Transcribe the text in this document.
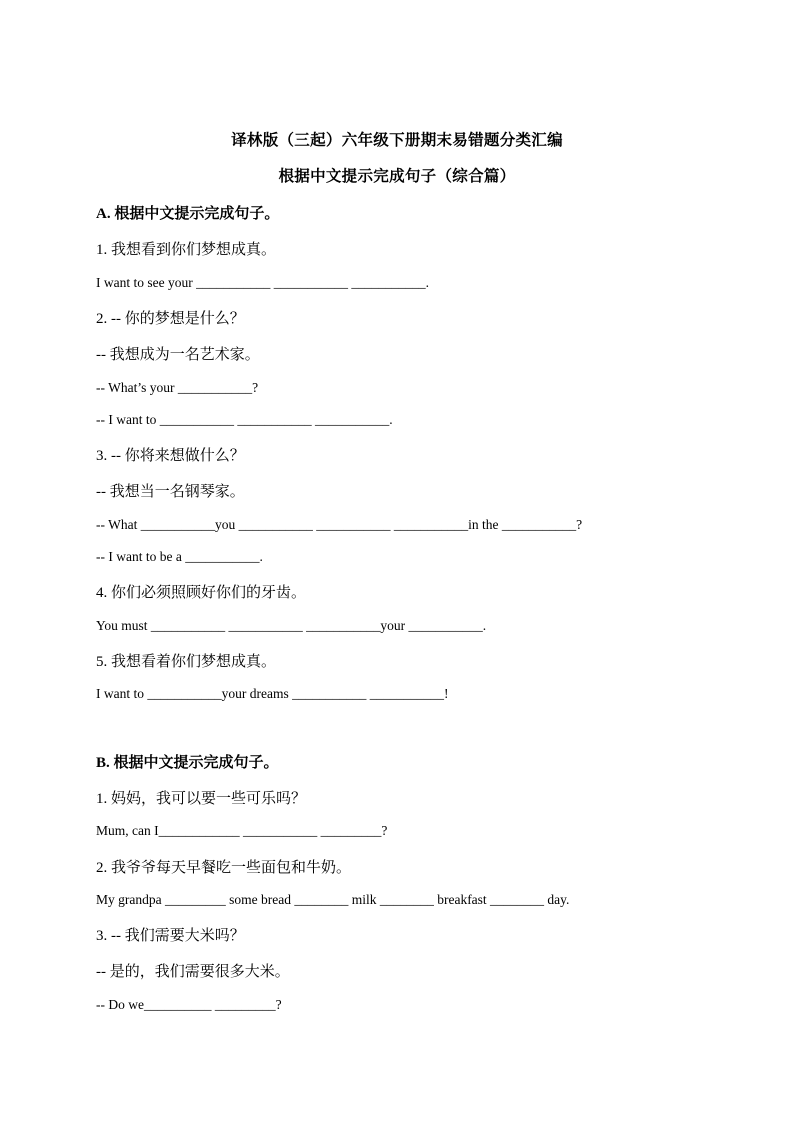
译林版（三起）六年级下册期末易错题分类汇编
根据中文提示完成句子（综合篇）
A. 根据中文提示完成句子。
1. 我想看到你们梦想成真。
I want to see your ___________ ___________ ___________.
2. -- 你的梦想是什么？
-- 我想成为一名艺术家。
-- What’s your ___________?
-- I want to ___________ ___________ ___________.
3. -- 你将来想做什么？
-- 我想当一名钢琴家。
-- What ___________you ___________ ___________ ___________in the ___________?
-- I want to be a ___________.
4. 你们必须照顾好你们的牙齿。
You must ___________ ___________ ___________your ___________.
5. 我想看着你们梦想成真。
I want to ___________your dreams ___________ ___________!
B. 根据中文提示完成句子。
1. 妈妈，我可以要一些可乐吗？
Mum, can I____________ ___________ _________?
2. 我爷爷每天早餐吃一些面包和牛奶。
My grandpa _________ some bread ________ milk ________ breakfast ________ day.
3. -- 我们需要大米吗？
-- 是的，我们需要很多大米。
-- Do we__________ _________?
